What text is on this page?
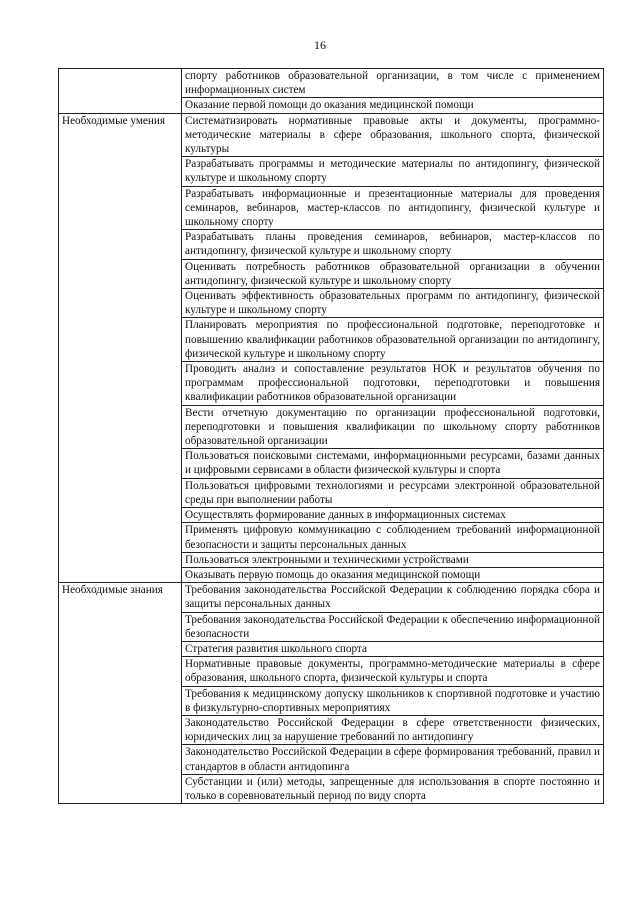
16
	спорту работников образовательной организации, в том числе с применением информационных систем
	Оказание первой помощи до оказания медицинской помощи
Необходимые умения	Систематизировать нормативные правовые акты и документы, программно-методические материалы в сфере образования, школьного спорта, физической культуры
	Разрабатывать программы и методические материалы по антидопингу, физической культуре и школьному спорту
	Разрабатывать информационные и презентационные материалы для проведения семинаров, вебинаров, мастер-классов по антидопингу, физической культуре и школьному спорту
	Разрабатывать планы проведения семинаров, вебинаров, мастер-классов по антидопингу, физической культуре и школьному спорту
	Оценивать потребность работников образовательной организации в обучении антидопингу, физической культуре и школьному спорту
	Оценивать эффективность образовательных программ по антидопингу, физической культуре и школьному спорту
	Планировать мероприятия по профессиональной подготовке, переподготовке и повышению квалификации работников образовательной организации по антидопингу, физической культуре и школьному спорту
	Проводить анализ и сопоставление результатов НОК и результатов обучения по программам профессиональной подготовки, переподготовки и повышения квалификации работников образовательной организации
	Вести отчетную документацию по организации профессиональной подготовки, переподготовки и повышения квалификации по школьному спорту работников образовательной организации
	Пользоваться поисковыми системами, информационными ресурсами, базами данных и цифровыми сервисами в области физической культуры и спорта
	Пользоваться цифровыми технологиями и ресурсами электронной образовательной среды при выполнении работы
	Осуществлять формирование данных в информационных системах
	Применять цифровую коммуникацию с соблюдением требований информационной безопасности и защиты персональных данных
	Пользоваться электронными и техническими устройствами
	Оказывать первую помощь до оказания медицинской помощи
Необходимые знания	Требования законодательства Российской Федерации к соблюдению порядка сбора и защиты персональных данных
	Требования законодательства Российской Федерации к обеспечению информационной безопасности
	Стратегия развития школьного спорта
	Нормативные правовые документы, программно-методические материалы в сфере образования, школьного спорта, физической культуры и спорта
	Требования к медицинскому допуску школьников к спортивной подготовке и участию в физкультурно-спортивных мероприятиях
	Законодательство Российской Федерации в сфере ответственности физических, юридических лиц за нарушение требований по антидопингу
	Законодательство Российской Федерации в сфере формирования требований, правил и стандартов в области антидопинга
	Субстанции и (или) методы, запрещенные для использования в спорте постоянно и только в соревновательный период по виду спорта
